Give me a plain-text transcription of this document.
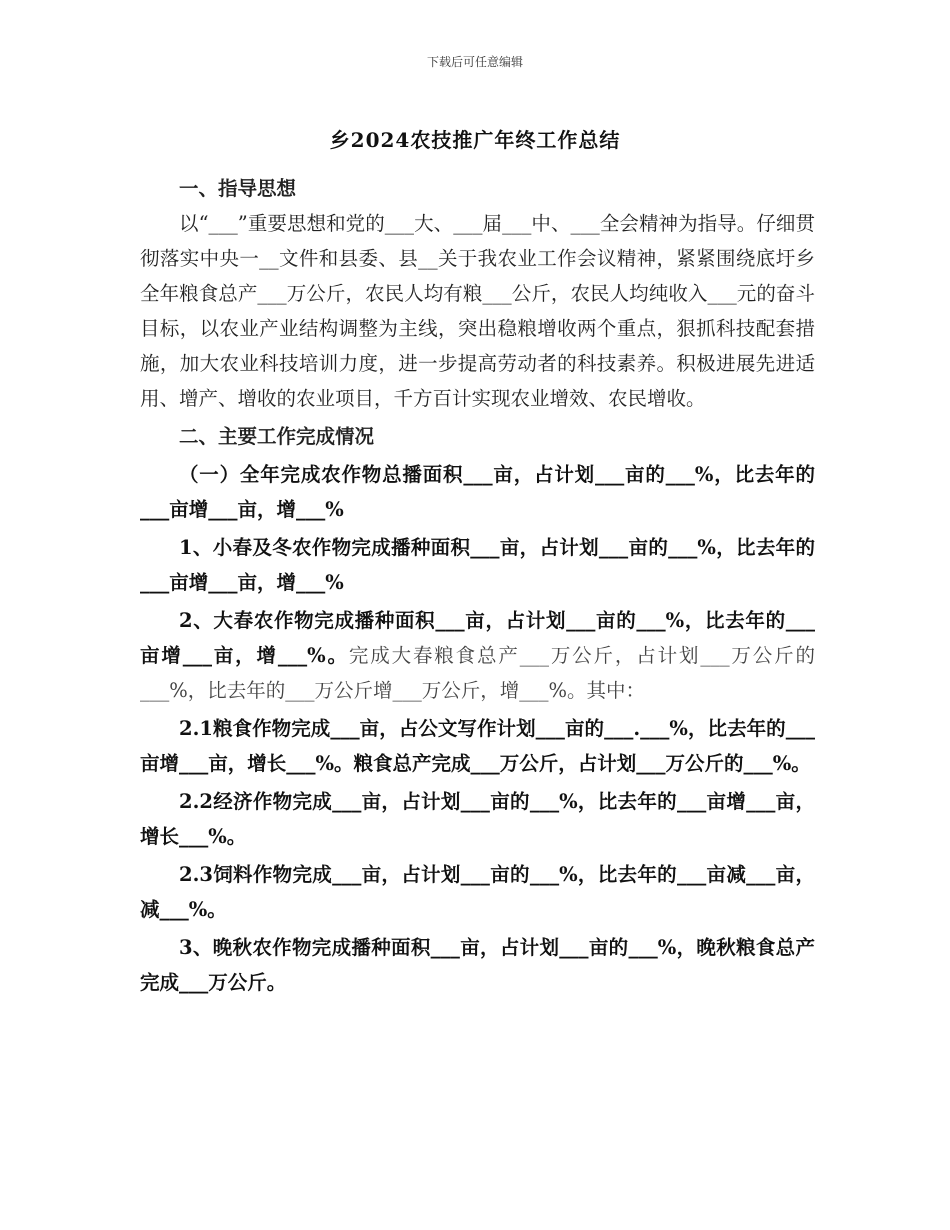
下载后可任意编辑
乡2024农技推广年终工作总结

一、指导思想

以“___”重要思想和党的___大、___届___中、___全会精神为指导。仔细贯彻落实中央一__文件和县委、县__关于我农业工作会议精神，紧紧围绕底圩乡全年粮食总产___万公斤，农民人均有粮___公斤，农民人均纯收入___元的奋斗目标，以农业产业结构调整为主线，突出稳粮增收两个重点，狠抓科技配套措施，加大农业科技培训力度，进一步提高劳动者的科技素养。积极进展先进适用、增产、增收的农业项目，千方百计实现农业增效、农民增收。

二、主要工作完成情况

（一）全年完成农作物总播面积___亩，占计划___亩的___%，比去年的___亩增___亩，增___%

1、小春及冬农作物完成播种面积___亩，占计划___亩的___%，比去年的___亩增___亩，增___%

2、大春农作物完成播种面积___亩，占计划___亩的___%，比去年的___亩增___亩，增___%。完成大春粮食总产___万公斤，占计划___万公斤的___%，比去年的___万公斤增___万公斤，增___%。其中：

2.1粮食作物完成___亩，占公文写作计划___亩的___.___%，比去年的___亩增___亩，增长___%。粮食总产完成___万公斤，占计划___万公斤的___%。

2.2经济作物完成___亩，占计划___亩的___%，比去年的___亩增___亩，增长___%。

2.3饲料作物完成___亩，占计划___亩的___%，比去年的___亩减___亩，减___%。

3、晚秋农作物完成播种面积___亩，占计划___亩的___%，晚秋粮食总产完成___万公斤。
